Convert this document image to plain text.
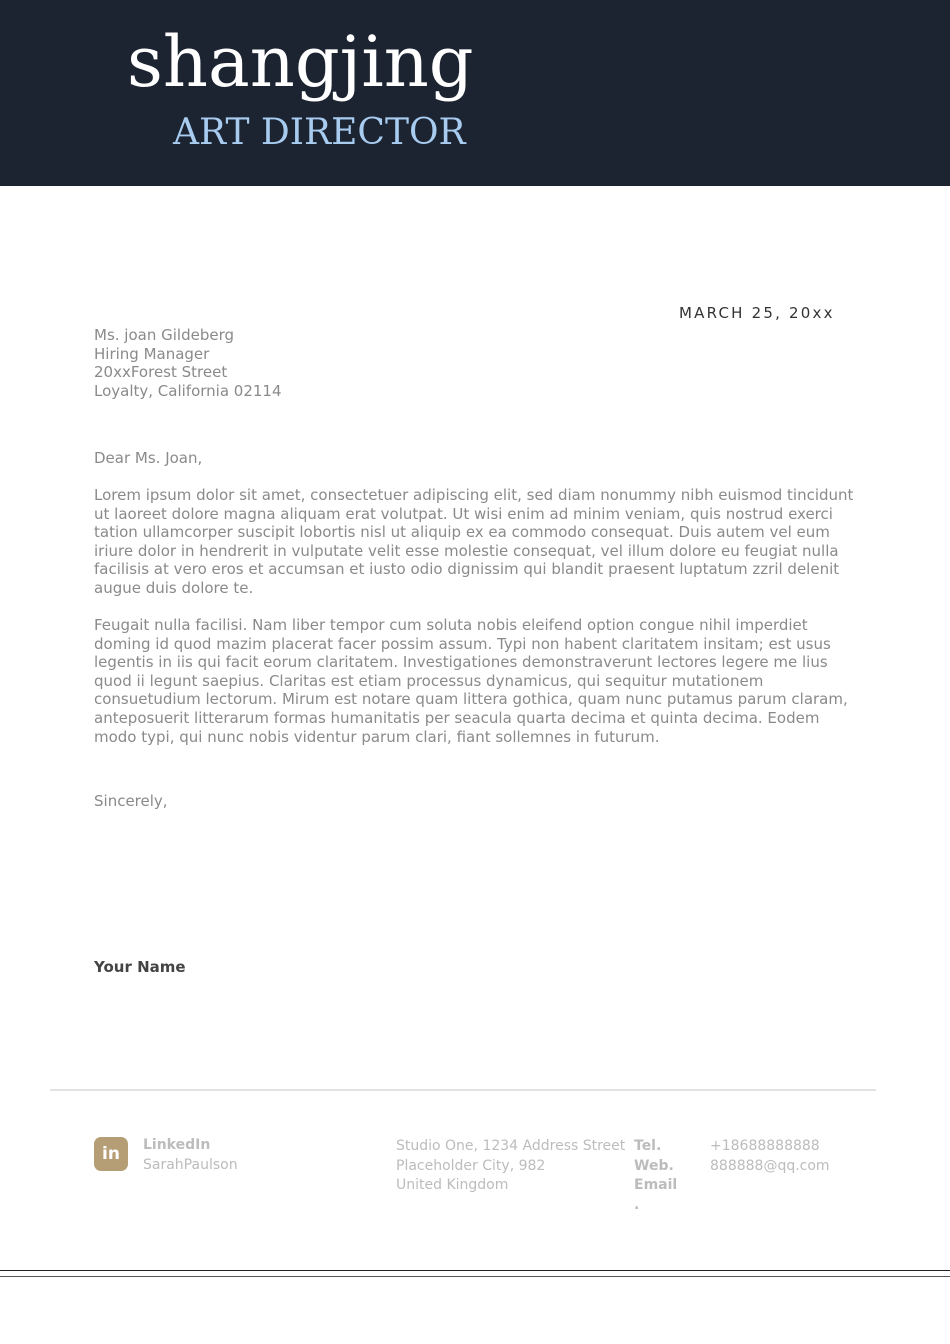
shangjing
ART DIRECTOR
MARCH 25, 20xx
Ms. joan Gildeberg
Hiring Manager
20xxForest Street
Loyalty, California 02114
Dear Ms. Joan,

Lorem ipsum dolor sit amet, consectetuer adipiscing elit, sed diam nonummy nibh euismod tincidunt ut laoreet dolore magna aliquam erat volutpat. Ut wisi enim ad minim veniam, quis nostrud exerci tation ullamcorper suscipit lobortis nisl ut aliquip ex ea commodo consequat. Duis autem vel eum iriure dolor in hendrerit in vulputate velit esse molestie consequat, vel illum dolore eu feugiat nulla facilisis at vero eros et accumsan et iusto odio dignissim qui blandit praesent luptatum zzril delenit augue duis dolore te.

Feugait nulla facilisi. Nam liber tempor cum soluta nobis eleifend option congue nihil imperdiet doming id quod mazim placerat facer possim assum. Typi non habent claritatem insitam; est usus legentis in iis qui facit eorum claritatem. Investigationes demonstraverunt lectores legere me lius quod ii legunt saepius. Claritas est etiam processus dynamicus, qui sequitur mutationem consuetudium lectorum. Mirum est notare quam littera gothica, quam nunc putamus parum claram, anteposuerit litterarum formas humanitatis per seacula quarta decima et quinta decima. Eodem modo typi, qui nunc nobis videntur parum clari, fiant sollemnes in futurum.

Sincerely,
Your Name
in	LinkedIn
SarahPaulson
Studio One, 1234 Address Street
Placeholder City, 982
United Kingdom
Tel.
Web.
Email
.
+18688888888
888888@qq.com
